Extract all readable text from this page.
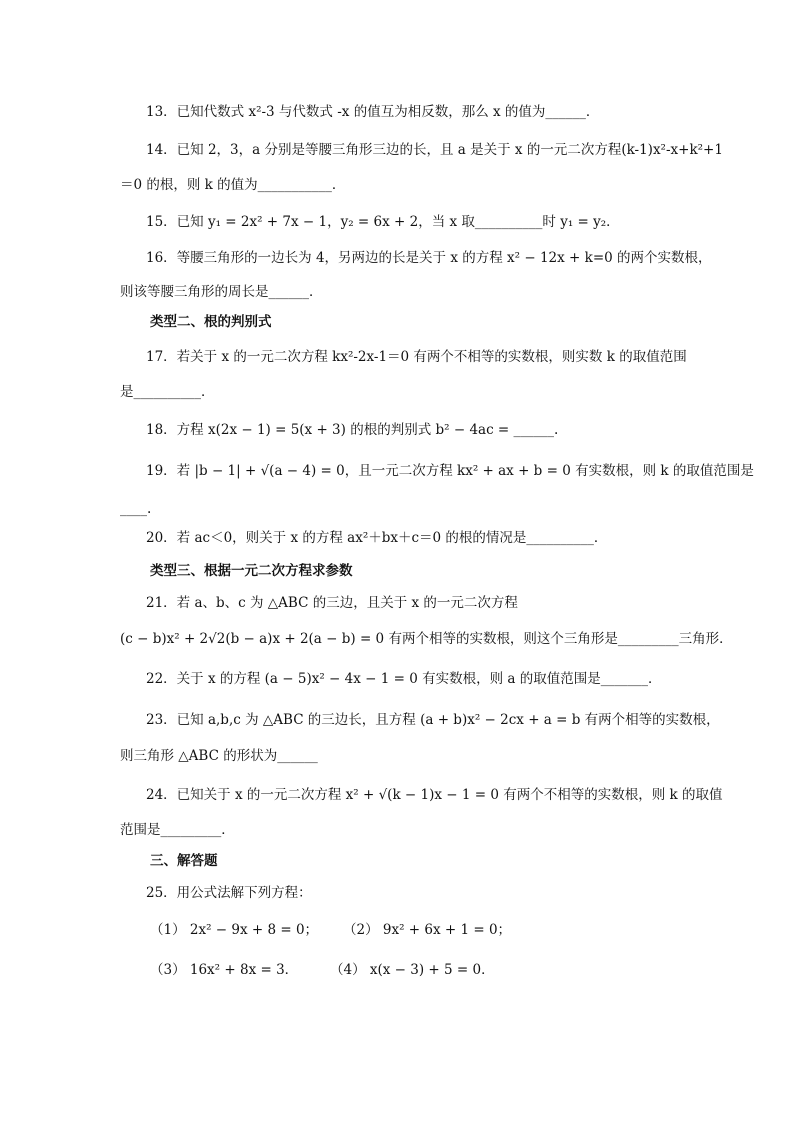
13．已知代数式 x²-3 与代数式 -x 的值互为相反数，那么 x 的值为______．
14．已知 2，3，a 分别是等腰三角形三边的长，且 a 是关于 x 的一元二次方程(k-1)x²-x+k²+1
＝0 的根，则 k 的值为___________．
15．已知 y₁ = 2x² + 7x − 1，y₂ = 6x + 2，当 x 取__________时 y₁ = y₂．
16．等腰三角形的一边长为 4，另两边的长是关于 x 的方程 x² − 12x + k=0 的两个实数根，
则该等腰三角形的周长是______．
类型二、根的判别式
17．若关于 x 的一元二次方程 kx²-2x-1＝0 有两个不相等的实数根，则实数 k 的取值范围
是__________．
18．方程 x(2x − 1) = 5(x + 3) 的根的判别式 b² − 4ac = ______.
19．若 |b − 1| + √(a − 4) = 0，且一元二次方程 kx² + ax + b = 0 有实数根，则 k 的取值范围是
____.
20．若 ac＜0，则关于 x 的方程 ax²＋bx＋c＝0 的根的情况是__________．
类型三、根据一元二次方程求参数
21．若 a、b、c 为 △ABC 的三边，且关于 x 的一元二次方程
(c − b)x² + 2√2(b − a)x + 2(a − b) = 0 有两个相等的实数根，则这个三角形是_________三角形．
22．关于 x 的方程 (a − 5)x² − 4x − 1 = 0 有实数根，则 a 的取值范围是_______．
23．已知 a,b,c 为 △ABC 的三边长，且方程 (a + b)x² − 2cx + a = b 有两个相等的实数根，
则三角形 △ABC 的形状为______
24．已知关于 x 的一元二次方程 x² + √(k − 1)x − 1 = 0 有两个不相等的实数根，则 k 的取值
范围是_________．
三、解答题
25．用公式法解下列方程：
（1） 2x² − 9x + 8 = 0； （2） 9x² + 6x + 1 = 0；
（3） 16x² + 8x = 3． （4） x(x − 3) + 5 = 0．
